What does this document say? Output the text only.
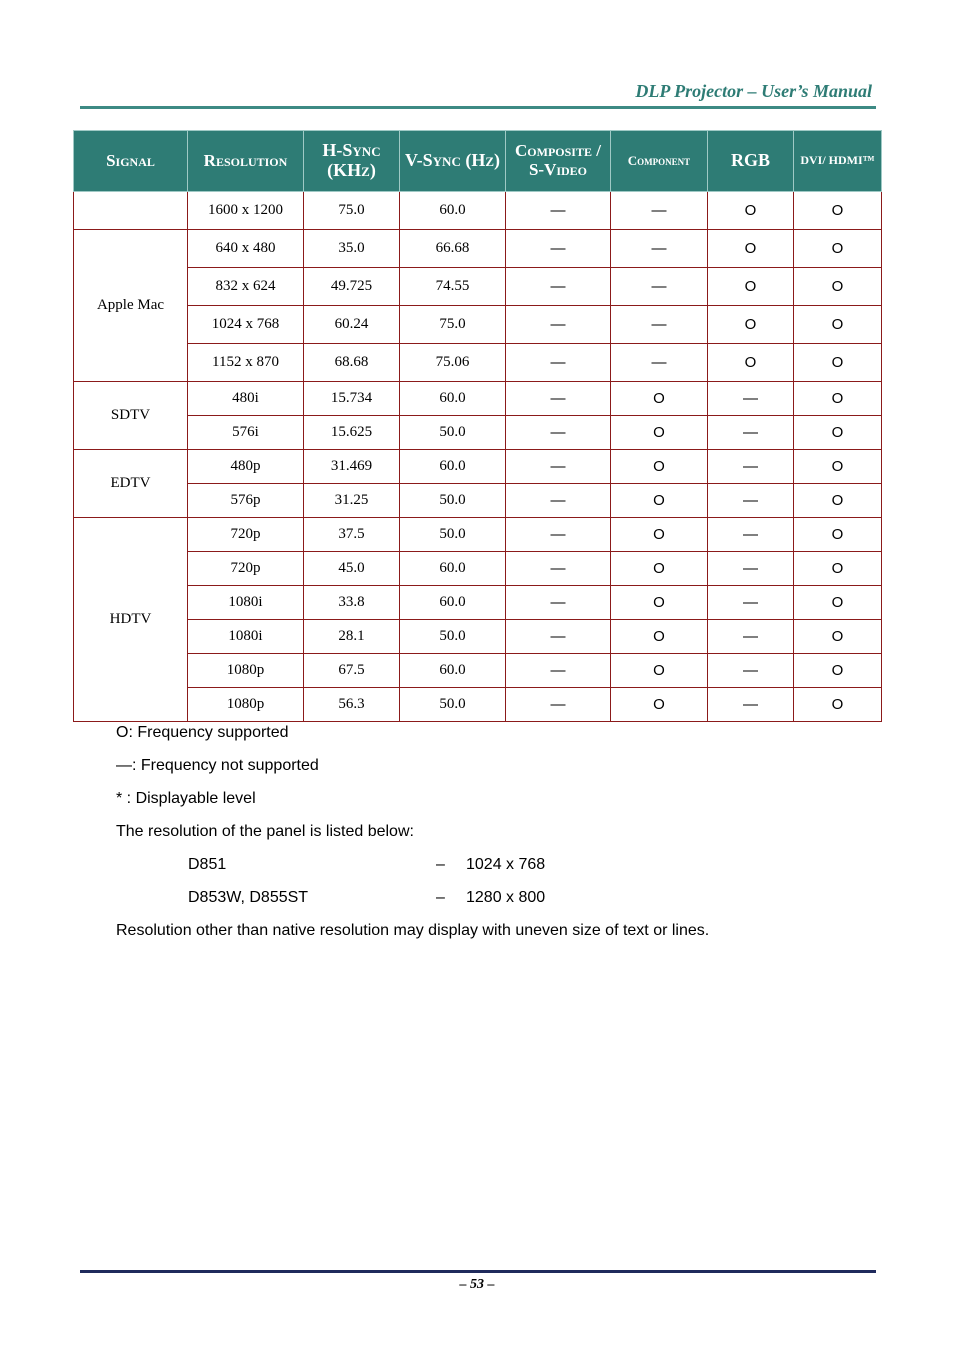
DLP Projector – User’s Manual
Signal	Resolution	H-Sync (KHz)	V-Sync (Hz)	Composite / S-Video	Component	RGB	DVI/ HDMI™
	1600 x 1200	75.0	60.0	—	—	O	O
Apple Mac	640 x 480	35.0	66.68	—	—	O	O
	832 x 624	49.725	74.55	—	—	O	O
	1024 x 768	60.24	75.0	—	—	O	O
	1152 x 870	68.68	75.06	—	—	O	O
SDTV	480i	15.734	60.0	—	O	—	O
	576i	15.625	50.0	—	O	—	O
EDTV	480p	31.469	60.0	—	O	—	O
	576p	31.25	50.0	—	O	—	O
HDTV	720p	37.5	50.0	—	O	—	O
	720p	45.0	60.0	—	O	—	O
	1080i	33.8	60.0	—	O	—	O
	1080i	28.1	50.0	—	O	—	O
	1080p	67.5	60.0	—	O	—	O
	1080p	56.3	50.0	—	O	—	O
O: Frequency supported
—: Frequency not supported
* : Displayable level
The resolution of the panel is listed below:
D851	– 1024 x 768
D853W, D855ST	– 1280 x 800
Resolution other than native resolution may display with uneven size of text or lines.
– 53 –
